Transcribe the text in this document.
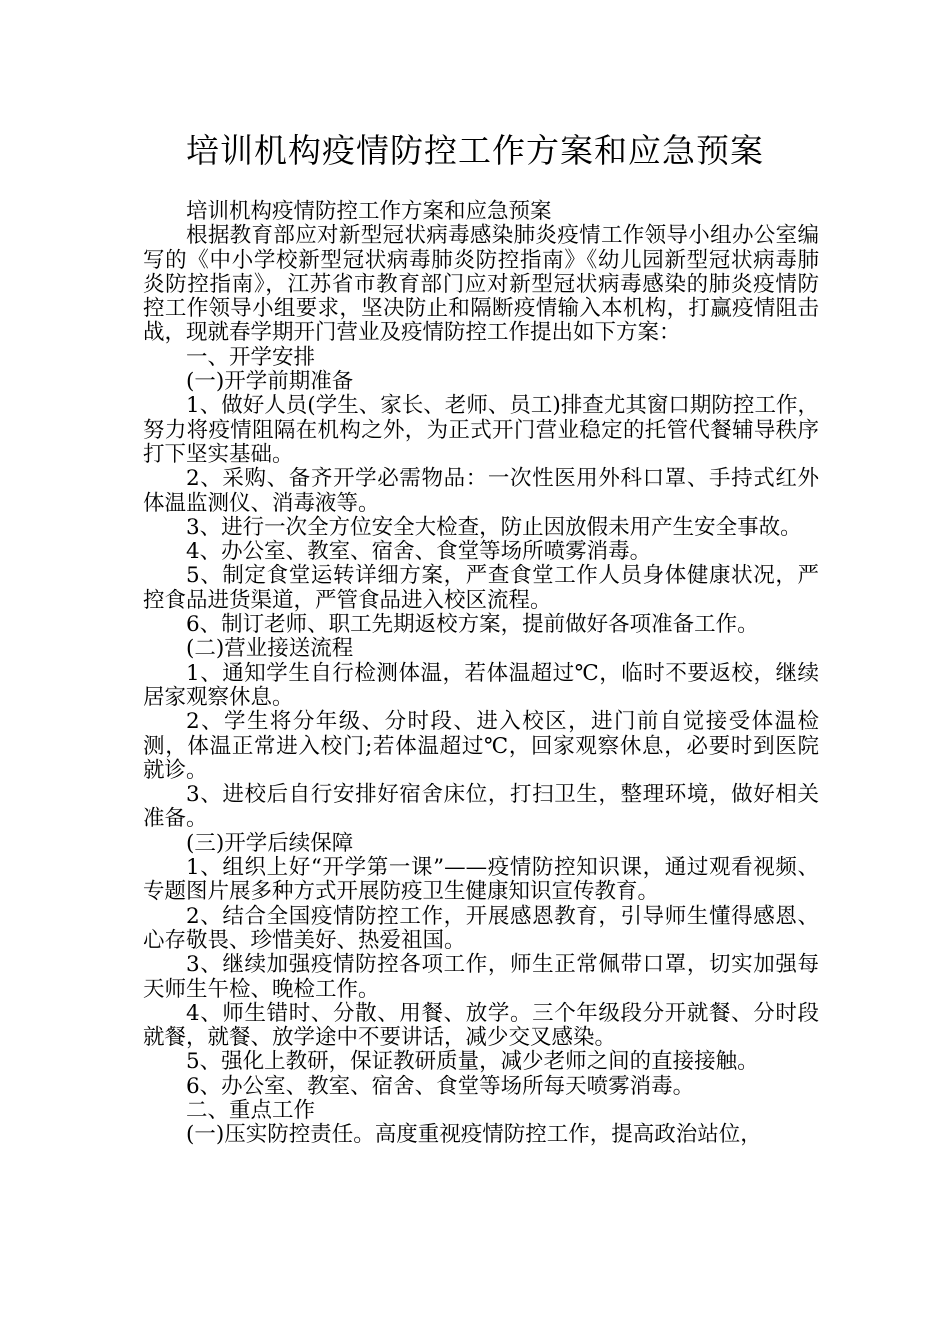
培训机构疫情防控工作方案和应急预案

培训机构疫情防控工作方案和应急预案

根据教育部应对新型冠状病毒感染肺炎疫情工作领导小组办公室编写的《中小学校新型冠状病毒肺炎防控指南》《幼儿园新型冠状病毒肺炎防控指南》，江苏省市教育部门应对新型冠状病毒感染的肺炎疫情防控工作领导小组要求，坚决防止和隔断疫情输入本机构，打赢疫情阻击战，现就春学期开门营业及疫情防控工作提出如下方案：

一、开学安排

(一)开学前期准备

1、做好人员(学生、家长、老师、员工)排查尤其窗口期防控工作，努力将疫情阻隔在机构之外，为正式开门营业稳定的托管代餐辅导秩序打下坚实基础。

2、采购、备齐开学必需物品：一次性医用外科口罩、手持式红外体温监测仪、消毒液等。

3、进行一次全方位安全大检查，防止因放假未用产生安全事故。

4、办公室、教室、宿舍、食堂等场所喷雾消毒。

5、制定食堂运转详细方案，严查食堂工作人员身体健康状况，严控食品进货渠道，严管食品进入校区流程。

6、制订老师、职工先期返校方案，提前做好各项准备工作。

(二)营业接送流程

1、通知学生自行检测体温，若体温超过℃，临时不要返校，继续居家观察休息。

2、学生将分年级、分时段、进入校区，进门前自觉接受体温检测，体温正常进入校门;若体温超过℃，回家观察休息，必要时到医院就诊。

3、进校后自行安排好宿舍床位，打扫卫生，整理环境，做好相关准备。

(三)开学后续保障

1、组织上好“开学第一课”——疫情防控知识课，通过观看视频、专题图片展多种方式开展防疫卫生健康知识宣传教育。

2、结合全国疫情防控工作，开展感恩教育，引导师生懂得感恩、心存敬畏、珍惜美好、热爱祖国。

3、继续加强疫情防控各项工作，师生正常佩带口罩，切实加强每天师生午检、晚检工作。

4、师生错时、分散、用餐、放学。三个年级段分开就餐、分时段就餐，就餐、放学途中不要讲话，减少交叉感染。

5、强化上教研，保证教研质量，减少老师之间的直接接触。

6、办公室、教室、宿舍、食堂等场所每天喷雾消毒。

二、重点工作

(一)压实防控责任。高度重视疫情防控工作，提高政治站位，
